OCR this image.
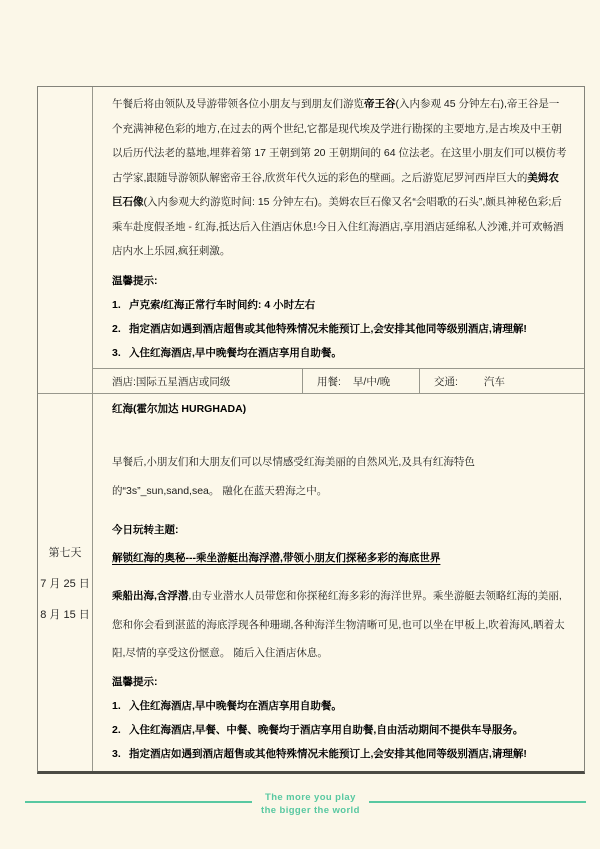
午餐后将由领队及导游带领各位小朋友与到朋友们游览帝王谷(入内参观 45 分钟左右),帝王谷是一个充满神秘色彩的地方,在过去的两个世纪,它都是现代埃及学进行勘探的主要地方,是古埃及中王朝以后历代法老的墓地,埋葬着第 17 王朝到第 20 王朝期间的 64 位法老。在这里小朋友们可以模仿考古学家,跟随导游领队解密帝王谷,欣赏年代久远的彩色的壁画。之后游览尼罗河西岸巨大的美姆农巨石像(入内参观大约游览时间: 15 分钟左右)。美姆农巨石像又名“会唱歌的石头”,颇具神秘色彩;后乘车赴度假圣地 - 红海,抵达后入住酒店休息!今日入住红海酒店,享用酒店延绵私人沙滩,并可欢畅酒店内水上乐园,疯狂刺激。

温馨提示:
1. 卢克索/红海正常行车时间约: 4 小时左右
2. 指定酒店如遇到酒店超售或其他特殊情况未能预订上,会安排其他同等级别酒店,请理解!
3. 入住红海酒店,早中晚餐均在酒店享用自助餐。
酒店:国际五星酒店或同级	用餐: 早/中/晚	交通: 汽车
第七天
7 月 25 日
8 月 15 日
红海(霍尔加达 HURGHADA)

早餐后,小朋友们和大朋友们可以尽情感受红海美丽的自然风光,及具有红海特色的“3s”_sun,sand,sea。 融化在蓝天碧海之中。

今日玩转主题:
解锁红海的奥秘---乘坐游艇出海浮潜,带领小朋友们探秘多彩的海底世界

乘船出海,含浮潜,由专业潜水人员带您和你探秘红海多彩的海洋世界。乘坐游艇去领略红海的美丽,您和你会看到湛蓝的海底浮现各种珊瑚,各种海洋生物清晰可见,也可以坐在甲板上,吹着海风,晒着太阳,尽情的享受这份惬意。 随后入住酒店休息。

温馨提示:
1. 入住红海酒店,早中晚餐均在酒店享用自助餐。
2. 入住红海酒店,早餐、中餐、晚餐均于酒店享用自助餐,自由活动期间不提供车导服务。
3. 指定酒店如遇到酒店超售或其他特殊情况未能预订上,会安排其他同等级别酒店,请理解!
The more you play
the bigger the world
